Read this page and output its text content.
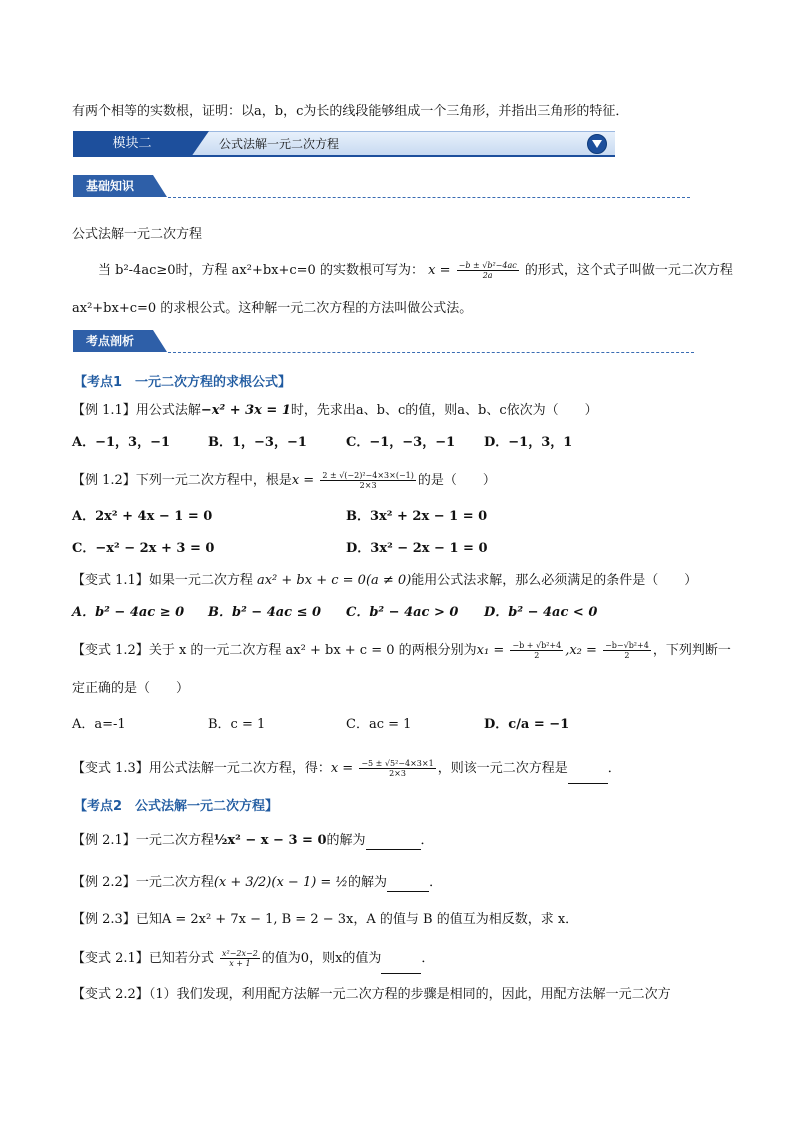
有两个相等的实数根，证明：以a，b，c为长的线段能够组成一个三角形，并指出三角形的特征．
模块二	公式法解一元二次方程
基础知识
公式法解一元二次方程
当 b²-4ac≥0时，方程 ax²+bx+c=0 的实数根可写为： $x = \frac{\text{−b ± √b²−4ac}}{2a}$ 的形式，这个式子叫做一元二次方程
ax²+bx+c=0 的求根公式。这种解一元二次方程的方法叫做公式法。
考点剖析
【考点1　一元二次方程的求根公式】
【例 1.1】用公式法解−x² + 3x = 1时，先求出a、b、c的值，则a、b、c依次为（　　）
A．−1，3，−1	B．1，−3，−1	C．−1，−3，−1 D．−1，3，1
【例 1.2】下列一元二次方程中，根是$x = \frac{\text{2 ± √(−2)²−4×3×(−1)}}{2\times 3}$ 的是（　　）
A．2x² + 4x − 1 = 0	B．3x² + 2x − 1 = 0
C．−x² − 2x + 3 = 0	D．3x² − 2x − 1 = 0
【变式 1.1】如果一元二次方程 ax² + bx + c = 0(a ≠ 0)能用公式法求解，那么必须满足的条件是（　　）
A．b² − 4ac ≥ 0 B．b² − 4ac ≤ 0 C．b² − 4ac > 0 D．b² − 4ac < 0
【变式 1.2】关于 x 的一元二次方程 ax² + bx + c = 0 的两根分别为$x_1 = \frac{\text{−b + √b²+4}}{2} ,x_2 = \frac{\text{−b−√b²+4}}{2}$ ，下列判断一
定正确的是（　　）
A．a=-1	B．c = 1	C．ac = 1	D．c/a = −1
【变式 1.3】用公式法解一元二次方程，得：$x = \frac{\text{−5 ± √5²−4×3×1}}{2\times 3}$ ，则该一元二次方程是	．
【考点2　公式法解一元二次方程】
【例 2.1】一元二次方程½x² − x − 3 = 0的解为	．
【例 2.2】一元二次方程(x + 3/2)(x − 1) = ½的解为	．
【例 2.3】已知A = 2x² + 7x − 1, B = 2 − 3x，A 的值与 B 的值互为相反数，求 x．
【变式 2.1】已知若分式 $\frac{\text{x²−2x−2}}{x + 1}$ 的值为0，则x的值为	．
【变式 2.2】（1）我们发现，利用配方法解一元二次方程的步骤是相同的，因此，用配方法解一元二次方
